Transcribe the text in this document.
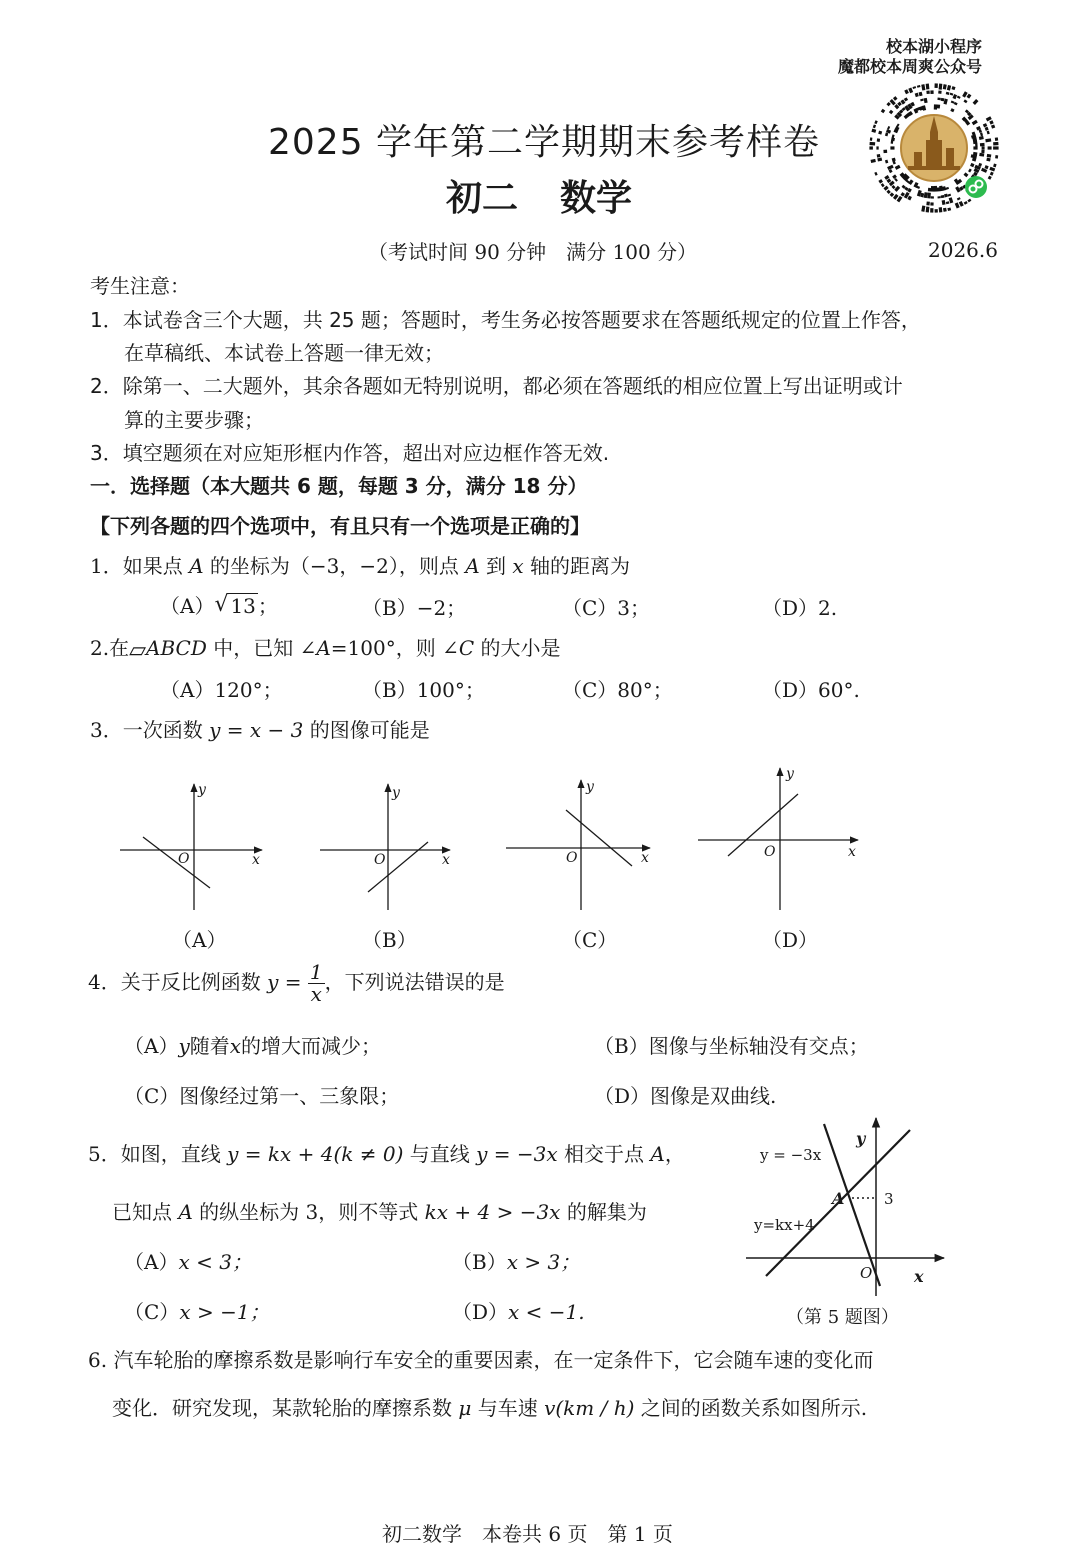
校本湖小程序
魔都校本周爽公众号
2025 学年第二学期期末参考样卷
初二 数学
（考试时间 90 分钟　满分 100 分）	2026.6
考生注意：
1．本试卷含三个大题，共 25 题；答题时，考生务必按答题要求在答题纸规定的位置上作答，
在草稿纸、本试卷上答题一律无效；
2．除第一、二大题外，其余各题如无特别说明，都必须在答题纸的相应位置上写出证明或计
算的主要步骤；
3．填空题须在对应矩形框内作答，超出对应边框作答无效.
一．选择题（本大题共 6 题，每题 3 分，满分 18 分）
【下列各题的四个选项中，有且只有一个选项是正确的】
1．如果点 A 的坐标为（−3，−2），则点 A 到 x 轴的距离为
（A）√ 13 ；	（B）−2；	（C）3；	（D）2.
2.在▱ABCD 中，已知 ∠A=100°，则 ∠C 的大小是
（A）120°；	（B）100°；	（C）80°；	（D）60°.
3．一次函数 y = x − 3 的图像可能是
y
x
O
y
x
O
y
x
O
y
x
O
（A）	（B）	（C）	（D）
4．关于反比例函数 $y = \frac{1}{x}$ ，下列说法错误的是
（A）y随着x的增大而减少；	（B）图像与坐标轴没有交点；
（C）图像经过第一、三象限；	（D）图像是双曲线.
5．如图，直线 y = kx + 4(k ≠ 0) 与直线 y = −3x 相交于点 A，
已知点 A 的纵坐标为 3，则不等式 kx + 4 > −3x 的解集为
（A）x < 3；	（B）x > 3；
（C）x > −1；	（D）x < −1.
y = −3x
y=kx+4
A	3
y
x
O
（第 5 题图）
6. 汽车轮胎的摩擦系数是影响行车安全的重要因素，在一定条件下，它会随车速的变化而
变化．研究发现，某款轮胎的摩擦系数 μ 与车速 v(km / h) 之间的函数关系如图所示.
初二数学　本卷共 6 页　第 1 页
